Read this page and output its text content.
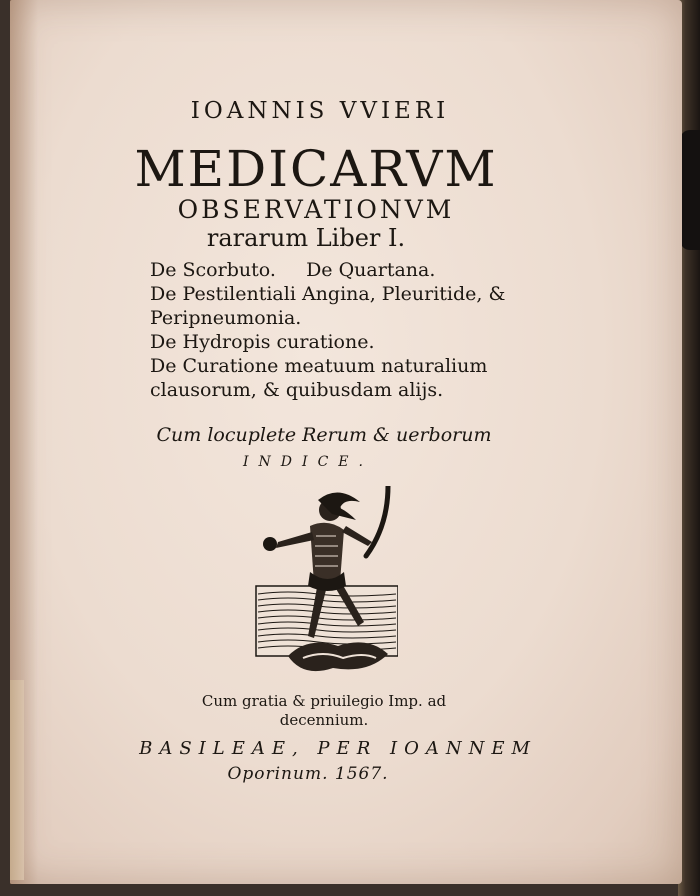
IOANNIS VVIERI

MEDICARVM

OBSERVATIONVM

rararum Liber I.

De Scorbuto.     De Quartana.
De Pestilentiali Angina, Pleuritide, &
Peripneumonia.
De Hydropis curatione.
De Curatione meatuum naturalium
clausorum, & quibusdam alijs.

Cum locuplete Rerum & uerborum

INDICE.

Cum gratia & priuilegio Imp. ad
decennium.

BASILEAE, PER IOANNEM

Oporinum. 1567.
